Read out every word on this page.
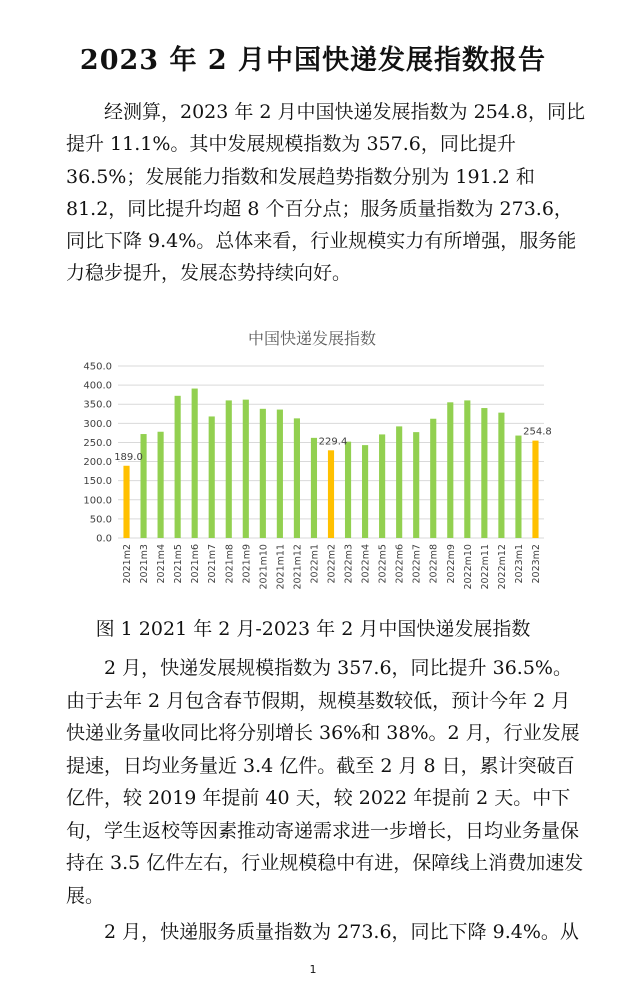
2023 年 2 月中国快递发展指数报告

　　经测算，2023 年 2 月中国快递发展指数为 254.8，同比提升 11.1%。其中发展规模指数为 357.6，同比提升 36.5%；发展能力指数和发展趋势指数分别为 191.2 和 81.2，同比提升均超 8 个百分点；服务质量指数为 273.6，同比下降 9.4%。总体来看，行业规模实力有所增强，服务能力稳步提升，发展态势持续向好。

中国快递发展指数
0.0
50.0
100.0
150.0
200.0
250.0
300.0
350.0
400.0
450.0
189.0
229.4
254.8
2021m2 2021m3 2021m4 2021m5 2021m6 2021m7 2021m8 2021m9 2021m10 2021m11 2021m12 2022m1 2022m2 2022m3 2022m4 2022m5 2022m6 2022m7 2022m8 2022m9 2022m10 2022m11 2022m12 2023m1 2023m2

图 1 2021 年 2 月-2023 年 2 月中国快递发展指数

　　2 月，快递发展规模指数为 357.6，同比提升 36.5%。由于去年 2 月包含春节假期，规模基数较低，预计今年 2 月快递业务量收同比将分别增长 36%和 38%。2 月，行业发展提速，日均业务量近 3.4 亿件。截至 2 月 8 日，累计突破百亿件，较 2019 年提前 40 天，较 2022 年提前 2 天。中下旬，学生返校等因素推动寄递需求进一步增长，日均业务量保持在 3.5 亿件左右，行业规模稳中有进，保障线上消费加速发展。

　　2 月，快递服务质量指数为 273.6，同比下降 9.4%。从

1
